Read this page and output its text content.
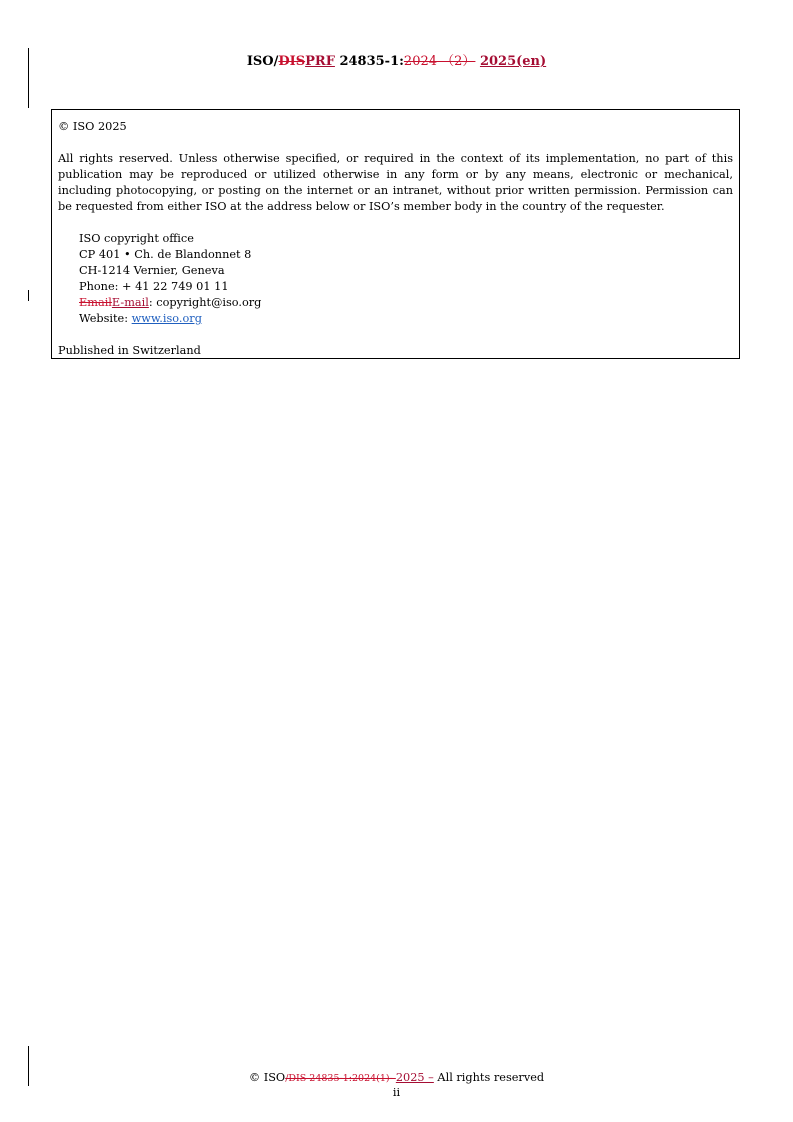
ISO/DISPRF 24835-1:2024 （2） 2025(en)

© ISO 2025

All rights reserved. Unless otherwise specified, or required in the context of its implementation, no part of this publication may be reproduced or utilized otherwise in any form or by any means, electronic or mechanical, including photocopying, or posting on the internet or an intranet, without prior written permission. Permission can be requested from either ISO at the address below or ISO’s member body in the country of the requester.

ISO copyright office

CP 401 • Ch. de Blandonnet 8

CH-1214 Vernier, Geneva

Phone: + 41 22 749 01 11

EmailE-mail: copyright@iso.org

Website: www.iso.org

Published in Switzerland

© ISO/DIS 24835-1:2024(1)- 2025 – All rights reserved
ii
